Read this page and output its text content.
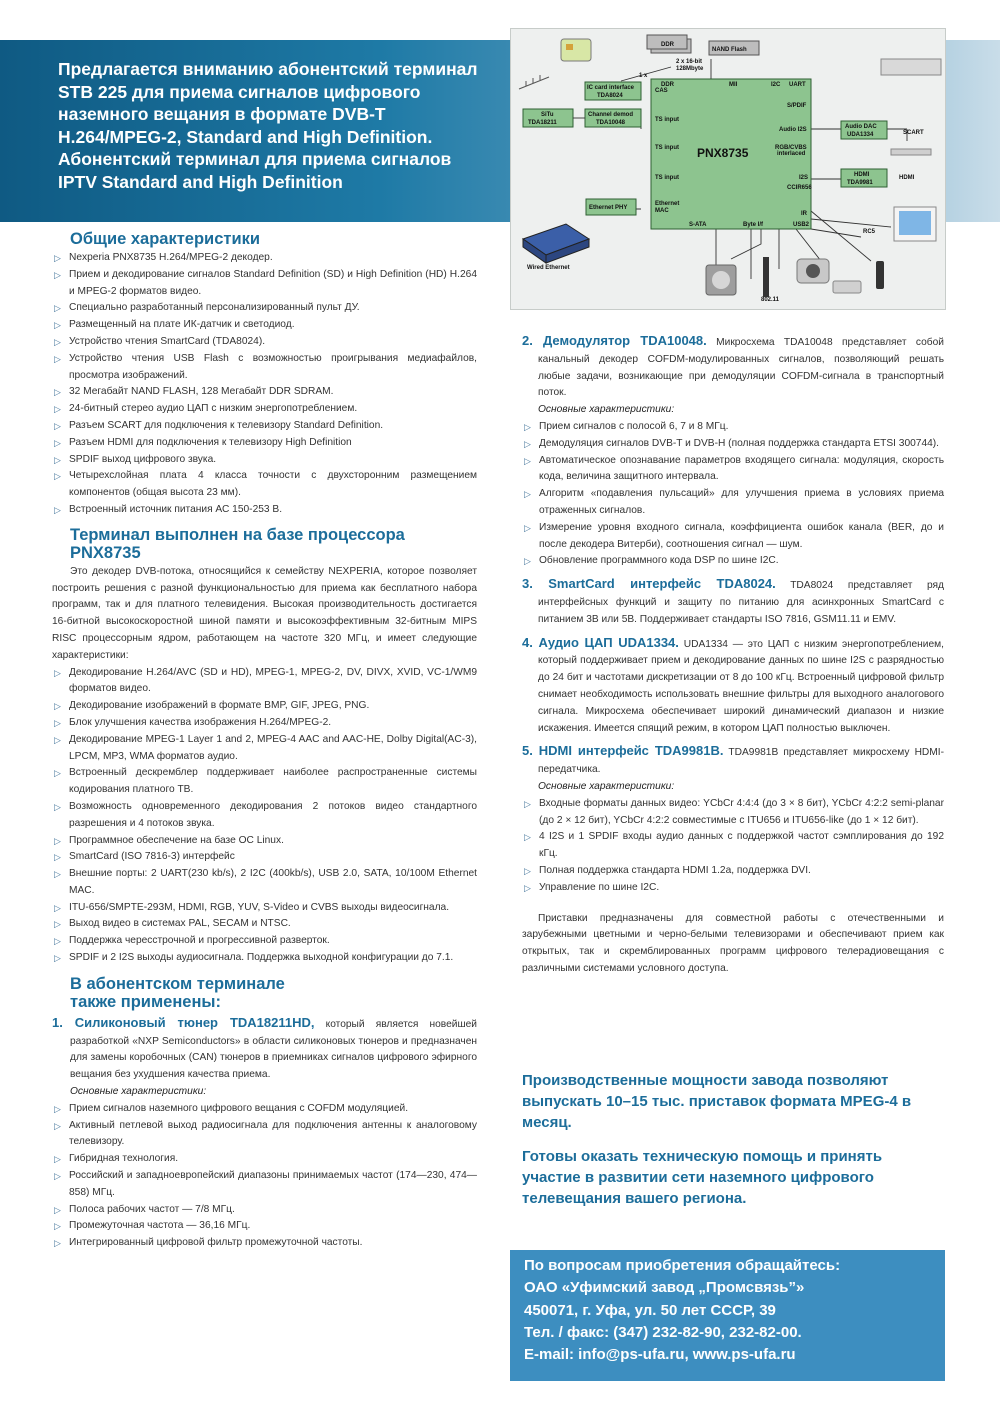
Предлагается вниманию абонентский терминал STB 225 для приема сигналов цифрового наземного вещания в формате DVB-T H.264/MPEG-2, Standard and High Definition. Абонентский терминал для приема сигналов IPTV Standard and High Definition
DDR
NAND Flash
2 x 16-bit
128Mbyte
1 x
PNX8735
DDR
CAS
MII	I2C UART
S/PDIF
Audio I2S
RGB/CVBS
interlaced
I2S
CCIR656
IR
USB2
Byte I/f
S-ATA
TS input
TS input
TS input
Ethernet
MAC
IC card interface
TDA8024
Channel demod
TDA10048
SiTu
TDA18211
Ethernet PHY
Audio DAC
UDA1334
HDMI
TDA9981
HDMI
SCART
RC5
Wired Ethernet
802.11
Общие характеристики
▷ Nexperia PNX8735 H.264/MPEG-2 декодер.
▷ Прием и декодирование сигналов Standard Definition (SD) и High Definition (HD) H.264 и MPEG-2 форматов видео.
▷ Специально разработанный персонализированный пульт ДУ.
▷ Размещенный на плате ИК-датчик и светодиод.
▷ Устройство чтения SmartCard (TDA8024).
▷ Устройство чтения USB Flash с возможностью проигрывания медиафайлов, просмотра изображений.
▷ 32 Мегабайт NAND FLASH, 128 Мегабайт DDR SDRAM.
▷ 24-битный стерео аудио ЦАП с низким энергопотреблением.
▷ Разъем SCART для подключения к телевизору Standard Definition.
▷ Разъем HDMI для подключения к телевизору High Definition
▷ SPDIF выход цифрового звука.
▷ Четырехслойная плата 4 класса точности с двухсторонним размещением компонентов (общая высота 23 мм).
▷ Встроенный источник питания АС 150-253 В.
Терминал выполнен на базе процессора
PNX8735
Это декодер DVB-потока, относящийся к семейству NEXPERIA, которое позволяет построить решения с разной функциональностью для приема как бесплатного набора программ, так и для платного телевидения. Высокая производительность достигается 16-битной высокоскоростной шиной памяти и высокоэффективным 32-битным MIPS RISC процессорным ядром, работающем на частоте 320 МГц, и имеет следующие характеристики:
▷ Декодирование H.264/AVC (SD и HD), MPEG-1, MPEG-2, DV, DIVX, XVID, VC-1/WM9 форматов видео.
▷ Декодирование изображений в формате BMP, GIF, JPEG, PNG.
▷ Блок улучшения качества изображения H.264/MPEG-2.
▷ Декодирование MPEG-1 Layer 1 and 2, MPEG-4 AAC and AAC-HE, Dolby Digital(AC-3), LPCM, MP3, WMA форматов аудио.
▷ Встроенный дескремблер поддерживает наиболее распространенные системы кодирования платного ТВ.
▷ Возможность одновременного декодирования 2 потоков видео стандартного разрешения и 4 потоков звука.
▷ Программное обеспечение на базе ОС Linux.
▷ SmartCard (ISO 7816-3) интерфейс
▷ Внешние порты: 2 UART(230 kb/s), 2 I2C (400kb/s), USB 2.0, SATA, 10/100M Ethernet MAC.
▷ ITU-656/SMPTE-293M, HDMI, RGB, YUV, S-Video и CVBS выходы видеосигнала.
▷ Выход видео в системах PAL, SECAM и NTSC.
▷ Поддержка чересстрочной и прогрессивной разверток.
▷ SPDIF и 2 I2S выходы аудиосигнала. Поддержка выходной конфигурации до 7.1.
В абонентском терминале
также применены:
1. Силиконовый тюнер TDA18211HD, который является новейшей разработкой «NXP Semiconductors» в области силиконовых тюнеров и предназначен для замены коробочных (CAN) тюнеров в приемниках сигналов цифрового эфирного вещания без ухудшения качества приема.
Основные характеристики:
▷ Прием сигналов наземного цифрового вещания с COFDM модуляцией.
▷ Активный петлевой выход радиосигнала для подключения антенны к аналоговому телевизору.
▷ Гибридная технология.
▷ Российский и западноевропейский диапазоны принимаемых частот (174—230, 474—858) МГц.
▷ Полоса рабочих частот — 7/8 МГц.
▷ Промежуточная частота — 36,16 МГц.
▷ Интегрированный цифровой фильтр промежуточной частоты.
2. Демодулятор TDA10048. Микросхема TDA10048 представляет собой канальный декодер COFDM-модулированных сигналов, позволяющий решать любые задачи, возникающие при демодуляции COFDM-сигнала в транспортный поток.
Основные характеристики:
▷ Прием сигналов с полосой 6, 7 и 8 МГц.
▷ Демодуляция сигналов DVB-T и DVB-H (полная поддержка стандарта ETSI 300744).
▷ Автоматическое опознавание параметров входящего сигнала: модуляция, скорость кода, величина защитного интервала.
▷ Алгоритм «подавления пульсаций» для улучшения приема в условиях приема отраженных сигналов.
▷ Измерение уровня входного сигнала, коэффициента ошибок канала (BER, до и после декодера Витерби), соотношения сигнал — шум.
▷ Обновление программного кода DSP по шине I2C.
3. SmartCard интерфейс TDA8024. TDA8024 представляет ряд интерфейсных функций и защиту по питанию для асинхронных SmartCard с питанием 3В или 5В. Поддерживает стандарты ISO 7816, GSM11.11 и EMV.
4. Аудио ЦАП UDA1334. UDA1334 — это ЦАП с низким энергопотреблением, который поддерживает прием и декодирование данных по шине I2S с разрядностью до 24 бит и частотами дискретизации от 8 до 100 кГц. Встроенный цифровой фильтр снимает необходимость использовать внешние фильтры для выходного аналогового сигнала. Микросхема обеспечивает широкий динамический диапазон и низкие искажения. Имеется спящий режим, в котором ЦАП полностью выключен.
5. HDMI интерфейс TDA9981B. TDA9981B представляет микросхему HDMI-передатчика.
Основные характеристики:
▷ Входные форматы данных видео: YCbCr 4:4:4 (до 3 × 8 бит), YCbCr 4:2:2 semi-planar (до 2 × 12 бит), YCbCr 4:2:2 совместимые с ITU656 и ITU656-like (до 1 × 12 бит).
▷ 4 I2S и 1 SPDIF входы аудио данных с поддержкой частот сэмплирования до 192 кГц.
▷ Полная поддержка стандарта HDMI 1.2a, поддержка DVI.
▷ Управление по шине I2C.
Приставки предназначены для совместной работы с отечественными и зарубежными цветными и черно-белыми телевизорами и обеспечивают прием как открытых, так и скремблированных программ цифрового телерадиовещания с различными системами условного доступа.
Производственные мощности завода позволяют выпускать 10–15 тыс. приставок формата MPEG-4 в месяц.
Готовы оказать техническую помощь и принять участие в развитии сети наземного цифрового телевещания вашего региона.
По вопросам приобретения обращайтесь:
ОАО «Уфимский завод „Промсвязь”»
450071, г. Уфа, ул. 50 лет СССР, 39
Тел. / факс: (347) 232-82-90, 232-82-00.
E-mail: info@ps-ufa.ru, www.ps-ufa.ru
